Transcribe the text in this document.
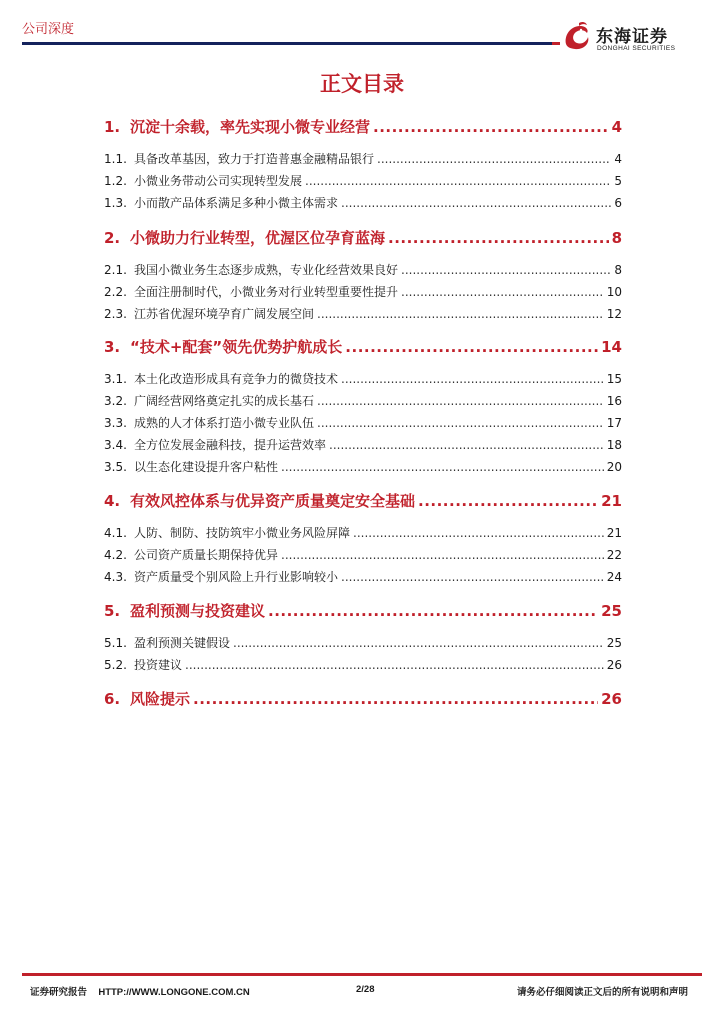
公司深度	东海证券
DONGHAI SECURITIES
正文目录
1. 沉淀十余载，率先实现小微专业经营 .....	4
1.1. 具备改革基因，致力于打造普惠金融精品银行 .....	4
1.2. 小微业务带动公司实现转型发展 .....	5
1.3. 小而散产品体系满足多种小微主体需求 .....	6
2. 小微助力行业转型，优渥区位孕育蓝海 .....	8
2.1. 我国小微业务生态逐步成熟，专业化经营效果良好 .....	8
2.2. 全面注册制时代，小微业务对行业转型重要性提升 .....	10
2.3. 江苏省优渥环境孕育广阔发展空间 .....	12
3. “技术+配套”领先优势护航成长 .....	14
3.1. 本土化改造形成具有竞争力的微贷技术 .....	15
3.2. 广阔经营网络奠定扎实的成长基石 .....	16
3.3. 成熟的人才体系打造小微专业队伍 .....	17
3.4. 全方位发展金融科技，提升运营效率 .....	18
3.5. 以生态化建设提升客户粘性 .....	20
4. 有效风控体系与优异资产质量奠定安全基础 .....	21
4.1. 人防、制防、技防筑牢小微业务风险屏障 .....	21
4.2. 公司资产质量长期保持优异 .....	22
4.3. 资产质量受个别风险上升行业影响较小 .....	24
5. 盈利预测与投资建议 .....	25
5.1. 盈利预测关键假设 .....	25
5.2. 投资建议 .....	26
6. 风险提示 .....	26
证券研究报告 HTTP://WWW.LONGONE.COM.CN	2/28	请务必仔细阅读正文后的所有说明和声明
